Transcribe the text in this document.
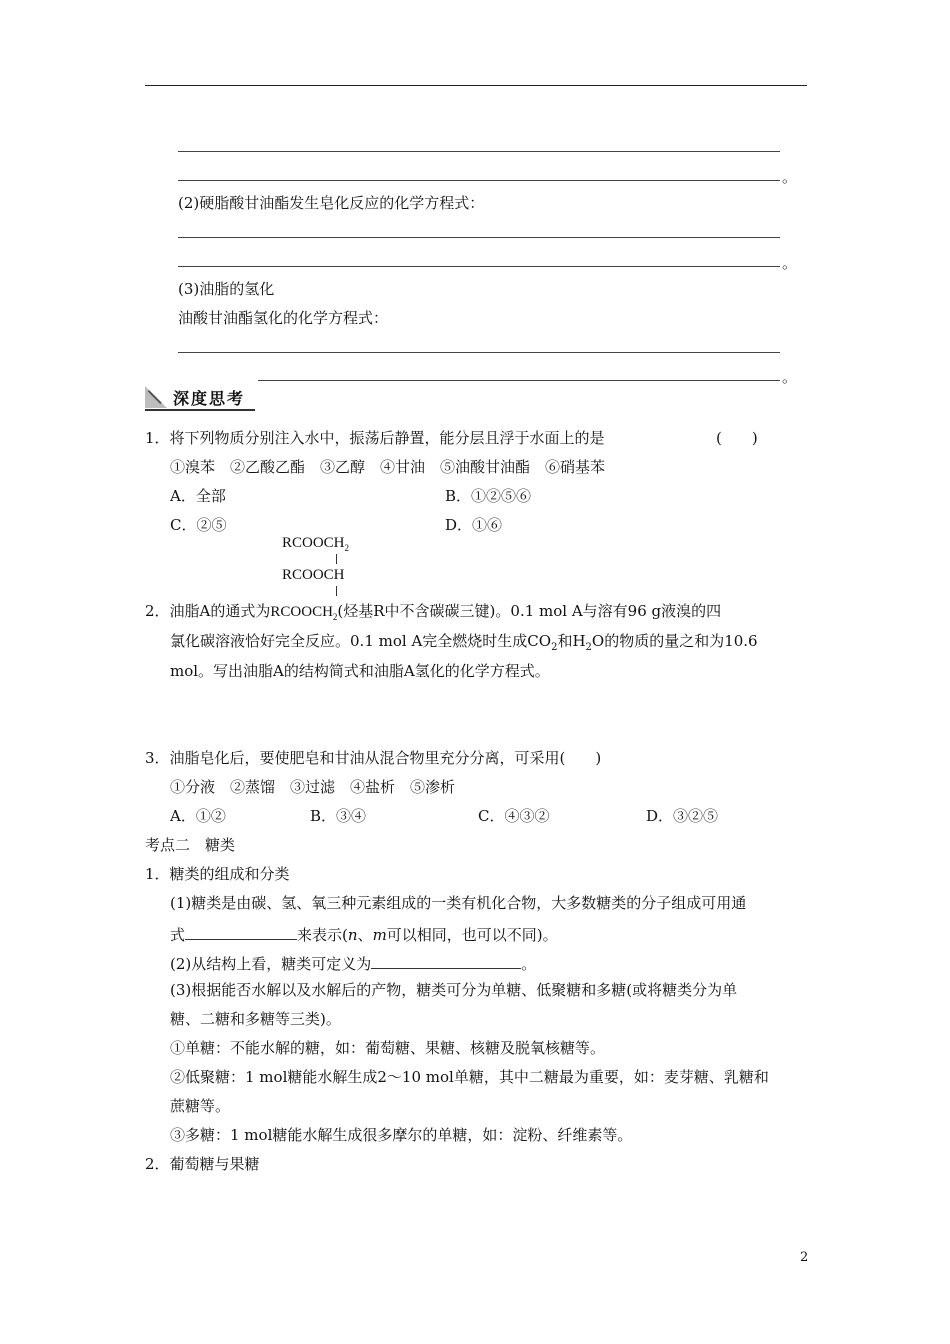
。
(2)硬脂酸甘油酯发生皂化反应的化学方程式：
。
(3)油脂的氢化
油酸甘油酯氢化的化学方程式：
。
深度思考
1．将下列物质分别注入水中，振荡后静置，能分层且浮于水面上的是	(　　)
①溴苯　②乙酸乙酯　③乙醇　④甘油　⑤油酸甘油酯　⑥硝基苯
A．全部	B．①②⑤⑥
C．②⑤	D．①⑥
$RCOOCH_2$
RCOOCH
2．油脂A的通式为$RCOOCH_2$(烃基R中不含碳碳三键)。0.1 mol A与溶有96 g液溴的四
氯化碳溶液恰好完全反应。0.1 mol A完全燃烧时生成$CO_2$和$H_2O$的物质的量之和为10.6
mol。写出油脂A的结构简式和油脂A氢化的化学方程式。
3．油脂皂化后，要使肥皂和甘油从混合物里充分分离，可采用(　　)
①分液　②蒸馏　③过滤　④盐析　⑤渗析
A．①②	B．③④	C．④③②	D．③②⑤
考点二　糖类
1．糖类的组成和分类
(1)糖类是由碳、氢、氧三种元素组成的一类有机化合物，大多数糖类的分子组成可用通
式	来表示(n、m可以相同，也可以不同)。
(2)从结构上看，糖类可定义为	。
(3)根据能否水解以及水解后的产物，糖类可分为单糖、低聚糖和多糖(或将糖类分为单
糖、二糖和多糖等三类)。
①单糖：不能水解的糖，如：葡萄糖、果糖、核糖及脱氧核糖等。
②低聚糖：1 mol糖能水解生成2～10 mol单糖，其中二糖最为重要，如：麦芽糖、乳糖和
蔗糖等。
③多糖：1 mol糖能水解生成很多摩尔的单糖，如：淀粉、纤维素等。
2．葡萄糖与果糖
2
